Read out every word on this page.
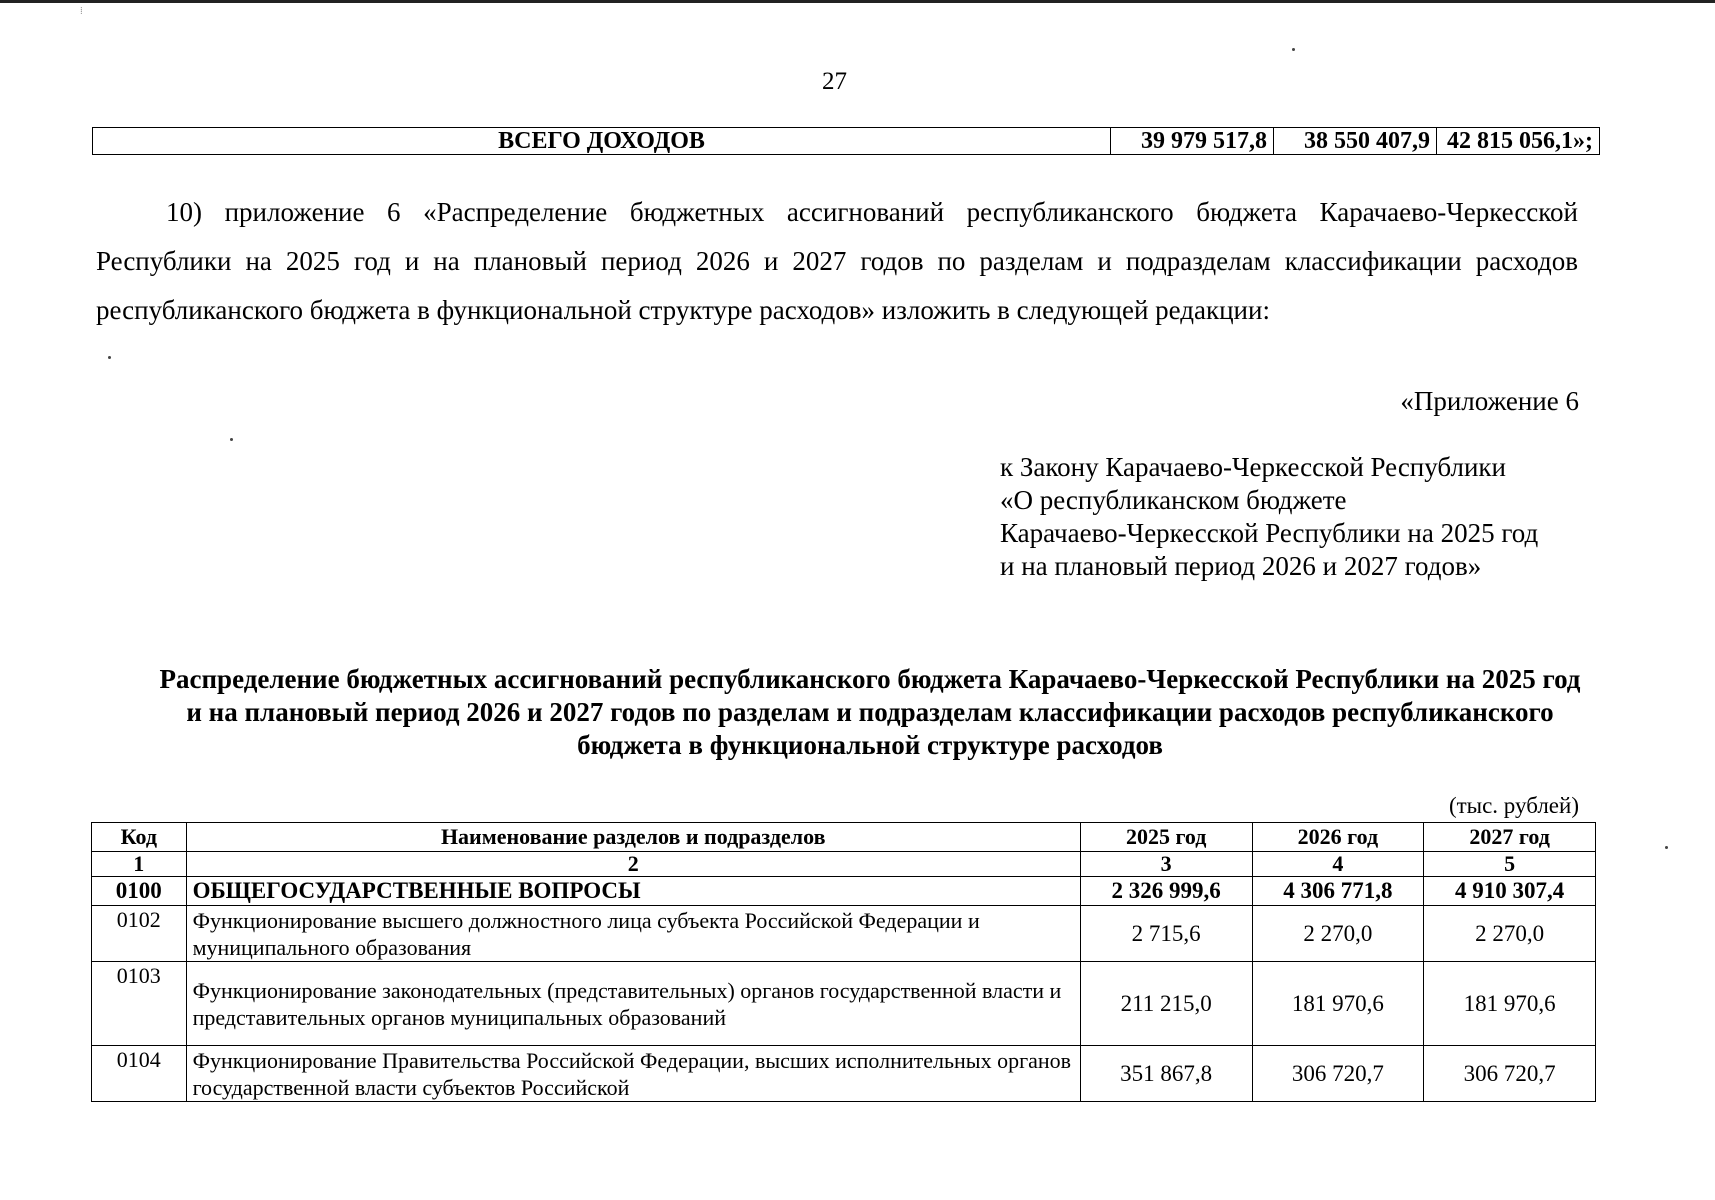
⁞
27
ВСЕГО ДОХОДОВ	39 979 517,8	38 550 407,9	42 815 056,1»;

10) приложение 6 «Распределение бюджетных ассигнований республиканского бюджета Карачаево-Черкесской Республики на 2025 год и на плановый период 2026 и 2027 годов по разделам и подразделам классификации расходов республиканского бюджета в функциональной структуре расходов» изложить в следующей редакции:

«Приложение 6
к Закону Карачаево-Черкесской Республики
«О республиканском бюджете
Карачаево-Черкесской Республики на 2025 год
и на плановый период 2026 и 2027 годов»

Распределение бюджетных ассигнований республиканского бюджета Карачаево-Черкесской Республики на 2025 год и на плановый период 2026 и 2027 годов по разделам и подразделам классификации расходов республиканского бюджета в функциональной структуре расходов

(тыс. рублей)
Код	Наименование разделов и подразделов	2025 год	2026 год	2027 год
1	2	3	4	5
0100	ОБЩЕГОСУДАРСТВЕННЫЕ ВОПРОСЫ	2 326 999,6	4 306 771,8	4 910 307,4
0102	Функционирование высшего должностного лица субъекта Российской Федерации и муниципального образования	2 715,6	2 270,0	2 270,0
0103	Функционирование законодательных (представительных) органов государственной власти и представительных органов муниципальных образований	211 215,0	181 970,6	181 970,6
0104	Функционирование Правительства Российской Федерации, высших исполнительных органов государственной власти субъектов Российской	351 867,8	306 720,7	306 720,7
